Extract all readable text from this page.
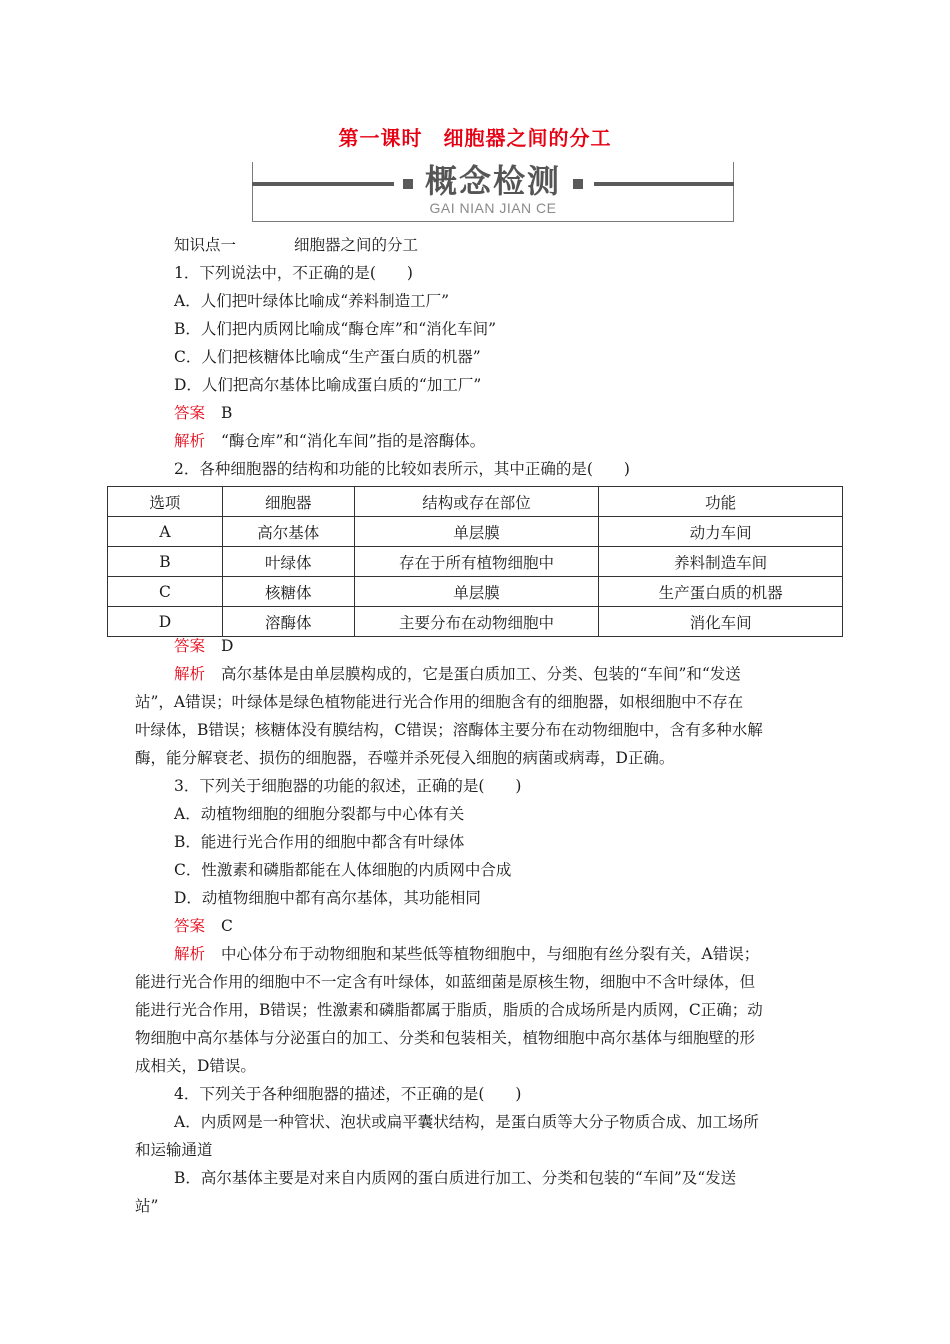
第一课时　细胞器之间的分工
概念检测
GAI NIAN JIAN CE
知识点一	细胞器之间的分工
1．下列说法中，不正确的是(　　)
A．人们把叶绿体比喻成“养料制造工厂”
B．人们把内质网比喻成“酶仓库”和“消化车间”
C．人们把核糖体比喻成“生产蛋白质的机器”
D．人们把高尔基体比喻成蛋白质的“加工厂”
答案 B
解析 “酶仓库”和“消化车间”指的是溶酶体。
2．各种细胞器的结构和功能的比较如表所示，其中正确的是(　　)
选项	细胞器	结构或存在部位	功能
A	高尔基体	单层膜	动力车间
B	叶绿体	存在于所有植物细胞中	养料制造车间
C	核糖体	单层膜	生产蛋白质的机器
D	溶酶体	主要分布在动物细胞中	消化车间
答案 D
解析 高尔基体是由单层膜构成的，它是蛋白质加工、分类、包装的“车间”和“发送
站”，A错误；叶绿体是绿色植物能进行光合作用的细胞含有的细胞器，如根细胞中不存在
叶绿体，B错误；核糖体没有膜结构，C错误；溶酶体主要分布在动物细胞中，含有多种水解
酶，能分解衰老、损伤的细胞器，吞噬并杀死侵入细胞的病菌或病毒，D正确。
3．下列关于细胞器的功能的叙述，正确的是(　　)
A．动植物细胞的细胞分裂都与中心体有关
B．能进行光合作用的细胞中都含有叶绿体
C．性激素和磷脂都能在人体细胞的内质网中合成
D．动植物细胞中都有高尔基体，其功能相同
答案 C
解析 中心体分布于动物细胞和某些低等植物细胞中，与细胞有丝分裂有关，A错误；
能进行光合作用的细胞中不一定含有叶绿体，如蓝细菌是原核生物，细胞中不含叶绿体，但
能进行光合作用，B错误；性激素和磷脂都属于脂质，脂质的合成场所是内质网，C正确；动
物细胞中高尔基体与分泌蛋白的加工、分类和包装相关，植物细胞中高尔基体与细胞壁的形
成相关，D错误。
4．下列关于各种细胞器的描述，不正确的是(　　)
A．内质网是一种管状、泡状或扁平囊状结构，是蛋白质等大分子物质合成、加工场所
和运输通道
B．高尔基体主要是对来自内质网的蛋白质进行加工、分类和包装的“车间”及“发送
站”
